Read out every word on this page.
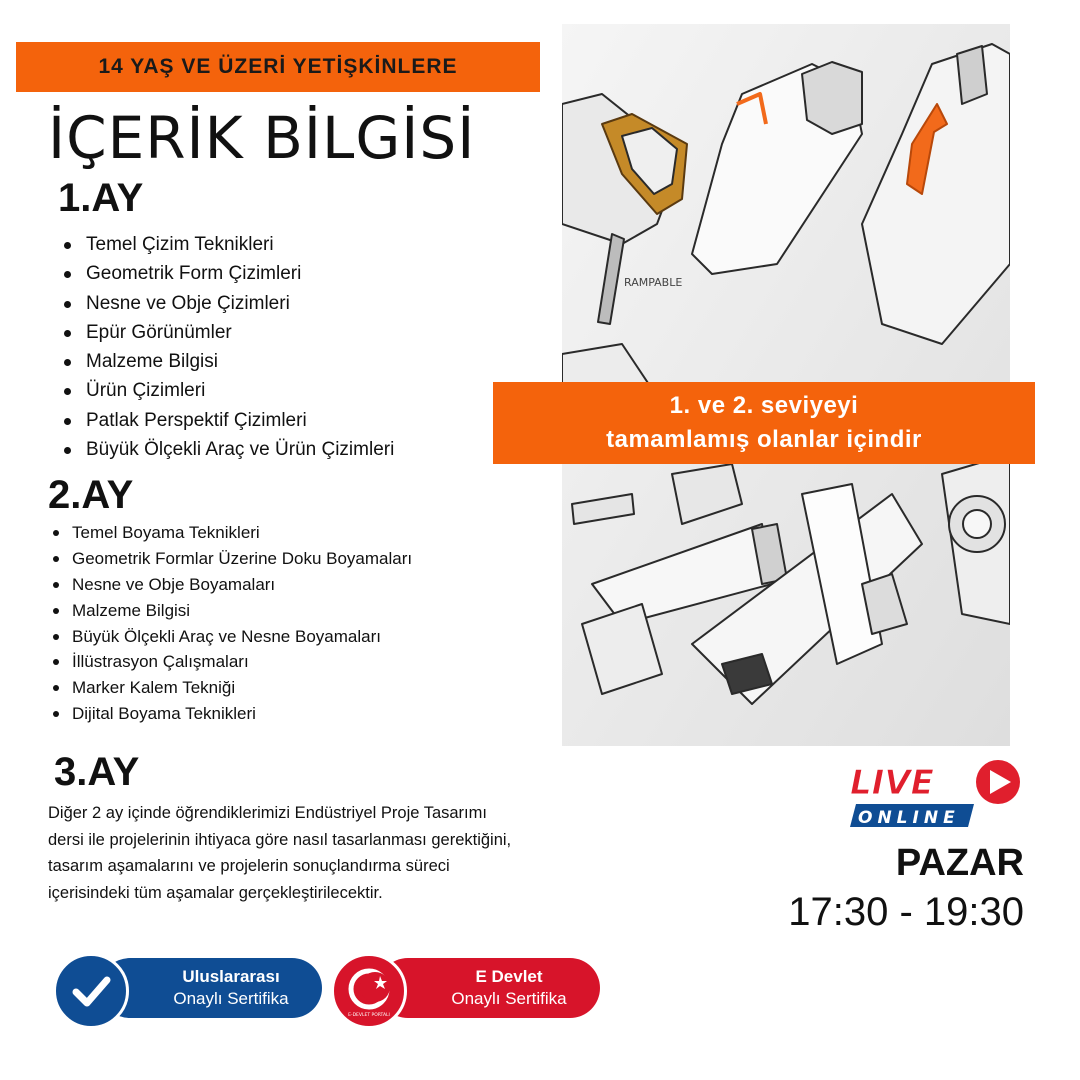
14 YAŞ VE ÜZERİ YETİŞKİNLERE
İÇERİK BİLGİSİ
1.AY
Temel Çizim Teknikleri
Geometrik Form Çizimleri
Nesne ve Obje Çizimleri
Epür Görünümler
Malzeme Bilgisi
Ürün Çizimleri
Patlak Perspektif Çizimleri
Büyük Ölçekli Araç ve Ürün Çizimleri
2.AY
Temel Boyama Teknikleri
Geometrik Formlar Üzerine Doku Boyamaları
Nesne ve Obje Boyamaları
Malzeme Bilgisi
Büyük Ölçekli Araç ve Nesne Boyamaları
İllüstrasyon Çalışmaları
Marker Kalem Tekniği
Dijital Boyama Teknikleri
3.AY
Diğer 2 ay içinde öğrendiklerimizi Endüstriyel Proje Tasarımı dersi ile projelerinin ihtiyaca göre nasıl tasarlanması gerektiğini, tasarım aşamalarını ve projelerin sonuçlandırma süreci içerisindeki tüm aşamalar gerçekleştirilecektir.
RAMPABLE
1. ve 2. seviyeyi
tamamlamış olanlar içindir
LIVE
ONLINE
PAZAR
17:30 - 19:30
Uluslararası
Onaylı Sertifika
E Devlet
Onaylı Sertifika
E-DEVLET PORTALI
